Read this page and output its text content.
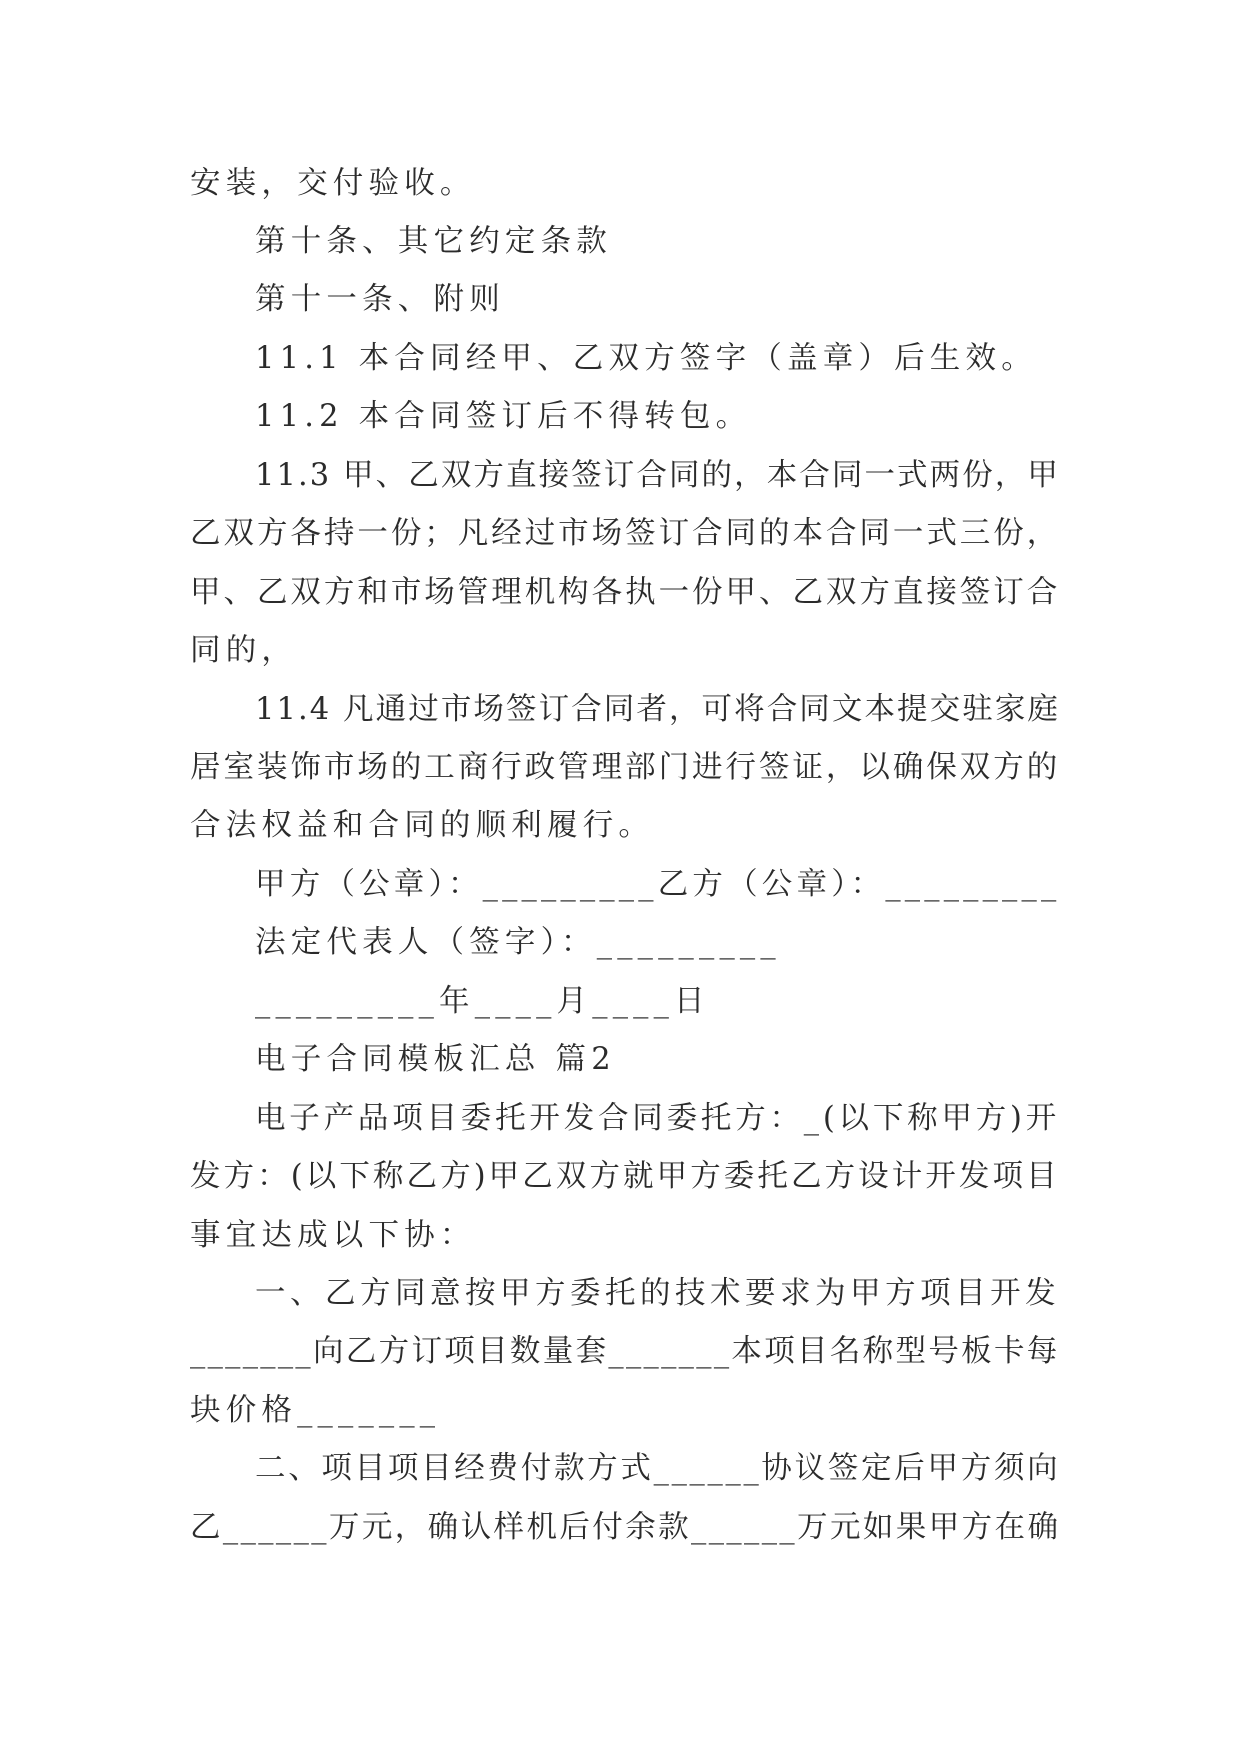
安装，交付验收。

第十条、其它约定条款

第十一条、附则

11.1 本合同经甲、乙双方签字（盖章）后生效。

11.2 本合同签订后不得转包。

11.3 甲、乙双方直接签订合同的，本合同一式两份，甲

乙双方各持一份；凡经过市场签订合同的本合同一式三份，

甲、乙双方和市场管理机构各执一份甲、乙双方直接签订合

同的，

11.4 凡通过市场签订合同者，可将合同文本提交驻家庭

居室装饰市场的工商行政管理部门进行签证，以确保双方的

合法权益和合同的顺利履行。

甲方（公章）：_________乙方（公章）：_________

法定代表人（签字）：_________

_________年____月____日

电子合同模板汇总 篇2

电子产品项目委托开发合同委托方：_(以下称甲方)开

发方：(以下称乙方)甲乙双方就甲方委托乙方设计开发项目

事宜达成以下协：

一、乙方同意按甲方委托的技术要求为甲方项目开发

_______向乙方订项目数量套_______本项目名称型号板卡每

块价格_______

二、项目项目经费付款方式______协议签定后甲方须向

乙______万元，确认样机后付余款______万元如果甲方在确
